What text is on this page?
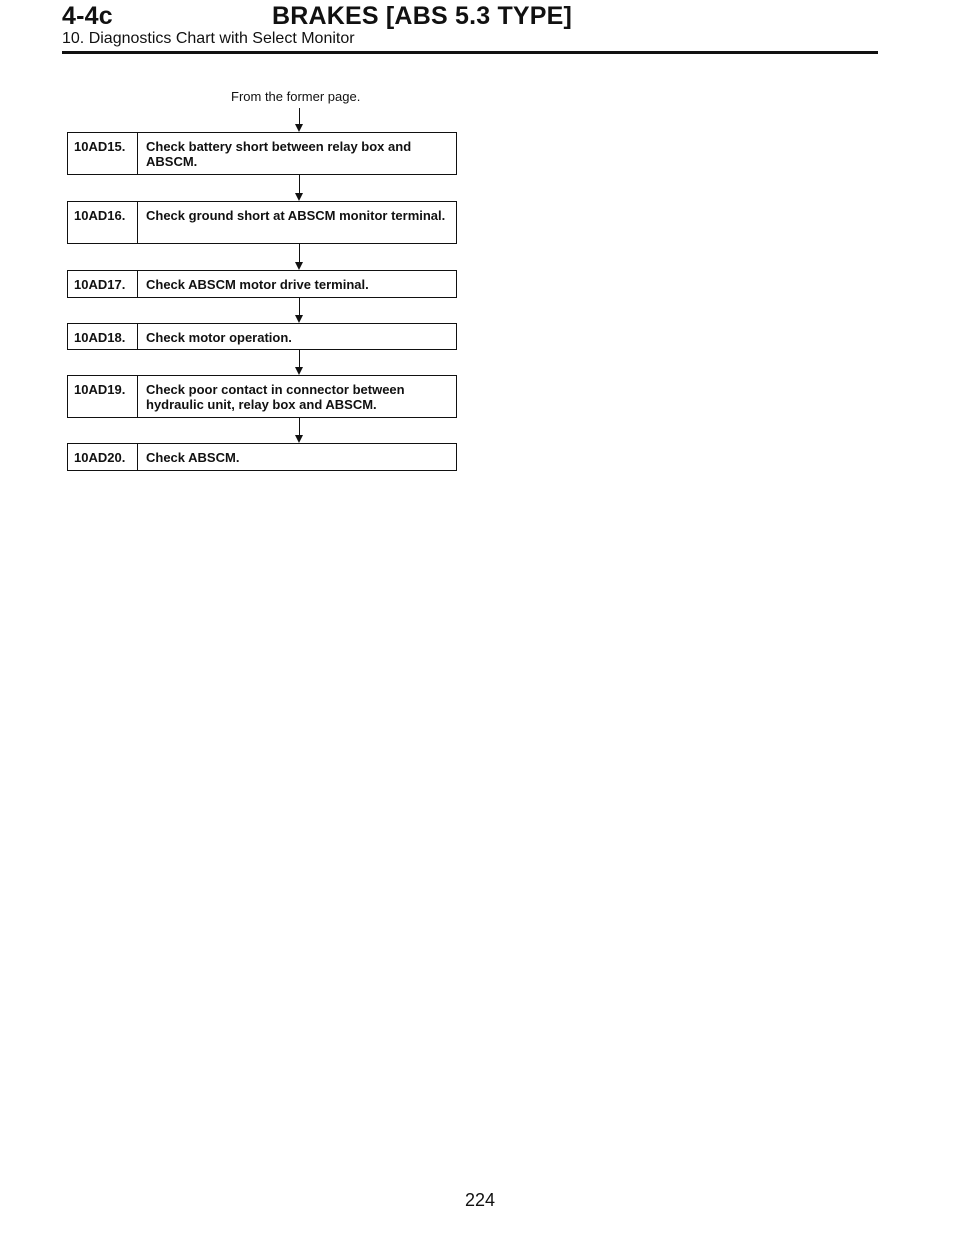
4-4c	BRAKES [ABS 5.3 TYPE]
10. Diagnostics Chart with Select Monitor
From the former page.
10AD15.	Check battery short between relay box and ABSCM.
10AD16.	Check ground short at ABSCM monitor terminal.
10AD17.	Check ABSCM motor drive terminal.
10AD18.	Check motor operation.
10AD19.	Check poor contact in connector between hydraulic unit, relay box and ABSCM.
10AD20.	Check ABSCM.
224
